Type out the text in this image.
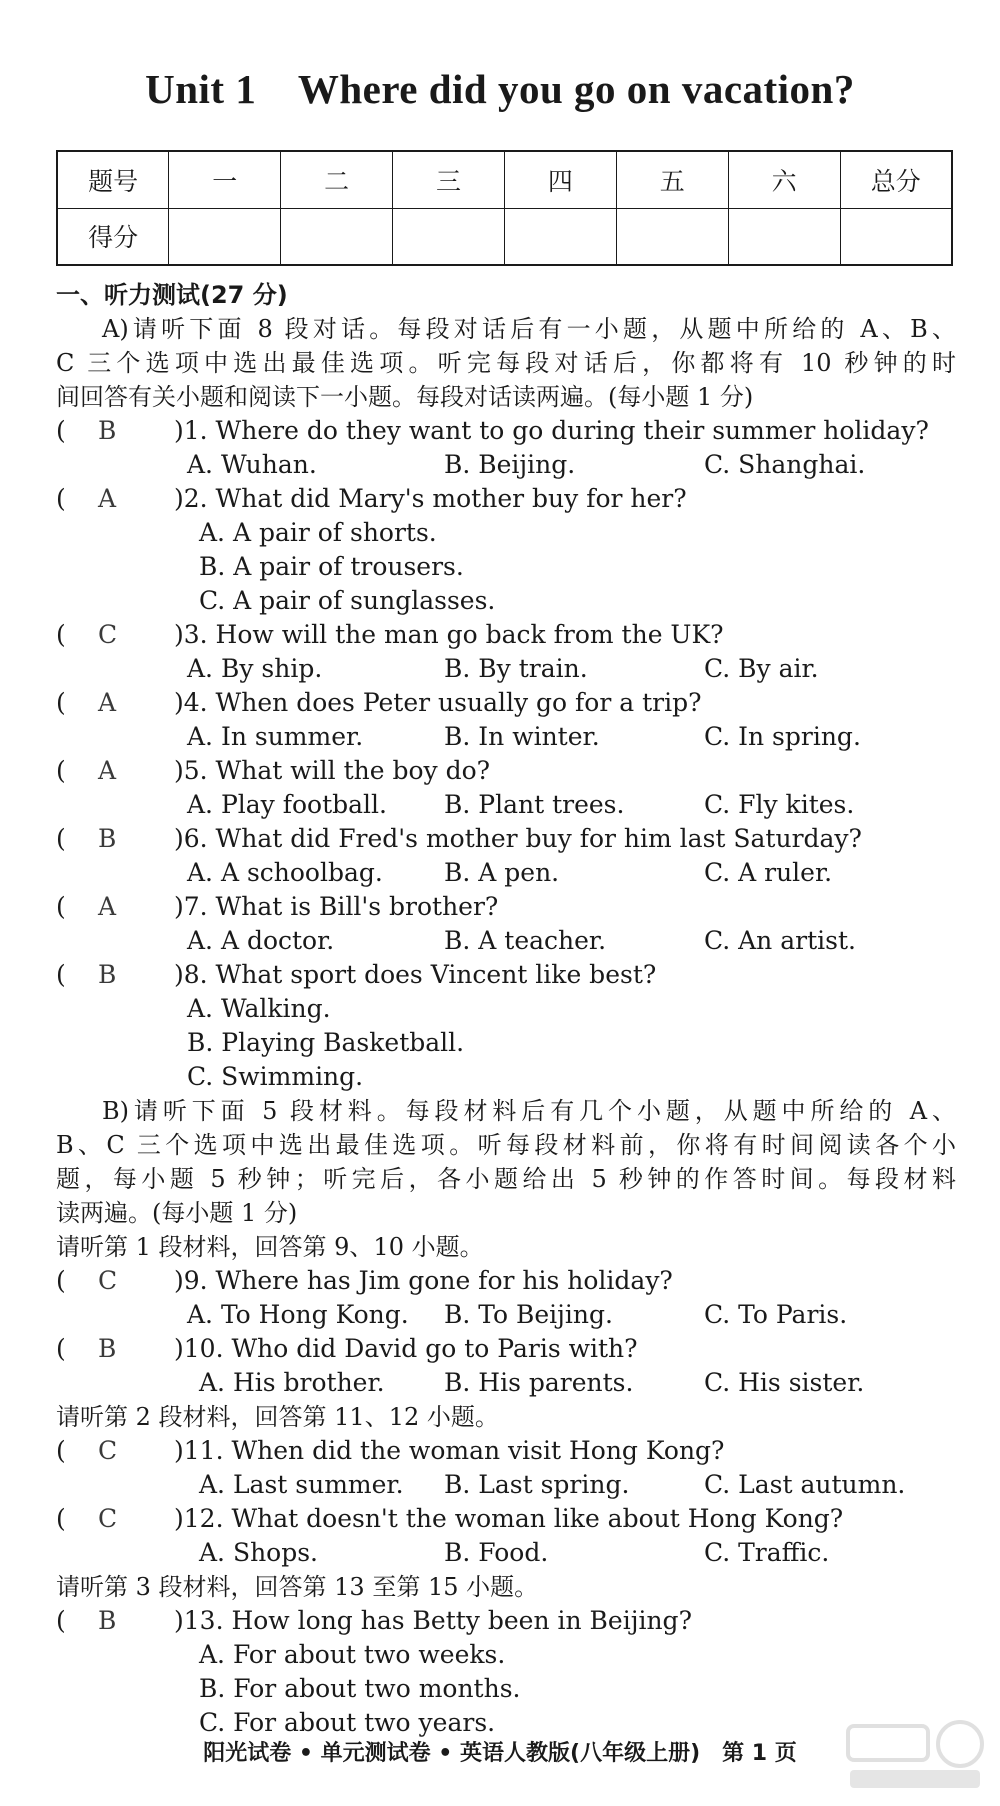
Unit 1　Where did you go on vacation?
题号	一	二	三	四	五	六	总分
得分							
一、听力测试(27 分)
A)请听下面 8 段对话。每段对话后有一小题，从题中所给的 A、B、
C 三个选项中选出最佳选项。听完每段对话后，你都将有 10 秒钟的时
间回答有关小题和阅读下一小题。每段对话读两遍。(每小题 1 分)
( B )1. Where do they want to go during their summer holiday?
A. Wuhan.	B. Beijing.	C. Shanghai.
( A )2. What did Mary's mother buy for her?
A. A pair of shorts.
B. A pair of trousers.
C. A pair of sunglasses.
( C )3. How will the man go back from the UK?
A. By ship.	B. By train.	C. By air.
( A )4. When does Peter usually go for a trip?
A. In summer.	B. In winter.	C. In spring.
( A )5. What will the boy do?
A. Play football. B. Plant trees.	C. Fly kites.
( B )6. What did Fred's mother buy for him last Saturday?
A. A schoolbag. B. A pen.	C. A ruler.
( A )7. What is Bill's brother?
A. A doctor.	B. A teacher.	C. An artist.
( B )8. What sport does Vincent like best?
A. Walking.
B. Playing Basketball.
C. Swimming.
B)请听下面 5 段材料。每段材料后有几个小题，从题中所给的 A、
B、C 三个选项中选出最佳选项。听每段材料前，你将有时间阅读各个小
题，每小题 5 秒钟；听完后，各小题给出 5 秒钟的作答时间。每段材料
读两遍。(每小题 1 分)
请听第 1 段材料，回答第 9、10 小题。
( C )9. Where has Jim gone for his holiday?
A. To Hong Kong. B. To Beijing.	C. To Paris.
( B )10. Who did David go to Paris with?
A. His brother. B. His parents.	C. His sister.
请听第 2 段材料，回答第 11、12 小题。
( C )11. When did the woman visit Hong Kong?
A. Last summer. B. Last spring.	C. Last autumn.
( C )12. What doesn't the woman like about Hong Kong?
A. Shops.	B. Food.	C. Traffic.
请听第 3 段材料，回答第 13 至第 15 小题。
( B )13. How long has Betty been in Beijing?
A. For about two weeks.
B. For about two months.
C. For about two years.
阳光试卷 • 单元测试卷 • 英语人教版(八年级上册)　第 1 页
